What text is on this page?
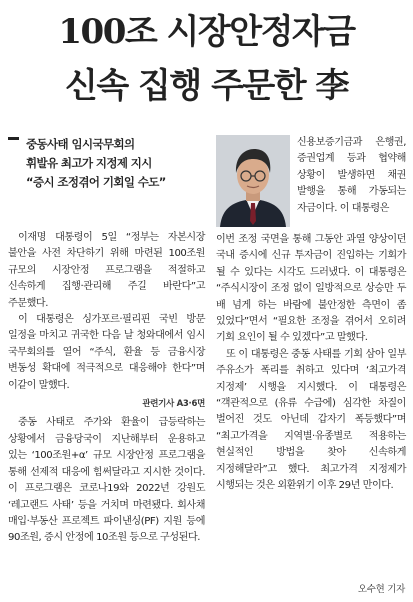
100조 시장안정자금
신속 집행 주문한 李
중동사태 임시국무회의
휘발유 최고가 지정제 지시
“증시 조정겪어 기회일 수도”
신용보증기금과 은행권, 증권업계 등과 협약해 상황이 발생하면 채권 발행을 통해 가동되는 자금이다. 이 대통령은

이재명 대통령이 5일 “정부는 자본시장 불안을 사전 차단하기 위해 마련된 100조원 규모의 시장안정 프로그램을 적절하고 신속하게 집행·관리해 주길 바란다”고 주문했다.

이 대통령은 싱가포르·필리핀 국빈 방문 일정을 마치고 귀국한 다음 날 청와대에서 임시 국무회의를 열어 “주식, 환율 등 금융시장 변동성 확대에 적극적으로 대응해야 한다”며 이같이 말했다.

관련기사 A3·6면

중동 사태로 주가와 환율이 급등락하는 상황에서 금융당국이 지난해부터 운용하고 있는 ‘100조원+α’ 규모 시장안정 프로그램을 통해 선제적 대응에 힘써달라고 지시한 것이다. 이 프로그램은 코로나19와 2022년 강원도 ‘레고랜드 사태’ 등을 거치며 마련됐다. 회사채 매입·부동산 프로젝트 파이낸싱(PF) 지원 등에 90조원, 증시 안정에 10조원 등으로 구성된다.

이번 조정 국면을 통해 그동안 과열 양상이던 국내 증시에 신규 투자금이 진입하는 기회가 될 수 있다는 시각도 드러냈다. 이 대통령은 “주식시장이 조정 없이 일방적으로 상승만 두 배 넘게 하는 바람에 불안정한 측면이 좀 있었다”면서 “필요한 조정을 겪어서 오히려 기회 요인이 될 수 있겠다”고 말했다.

또 이 대통령은 중동 사태를 기회 삼아 일부 주유소가 폭리를 취하고 있다며 ‘최고가격 지정제’ 시행을 지시했다. 이 대통령은 “객관적으로 (유류 수급에) 심각한 차질이 벌어진 것도 아닌데 갑자기 폭등했다”며 “최고가격을 지역별·유종별로 적용하는 현실적인 방법을 찾아 신속하게 지정해달라”고 했다. 최고가격 지정제가 시행되는 것은 외환위기 이후 29년 만이다.

오수현 기자
